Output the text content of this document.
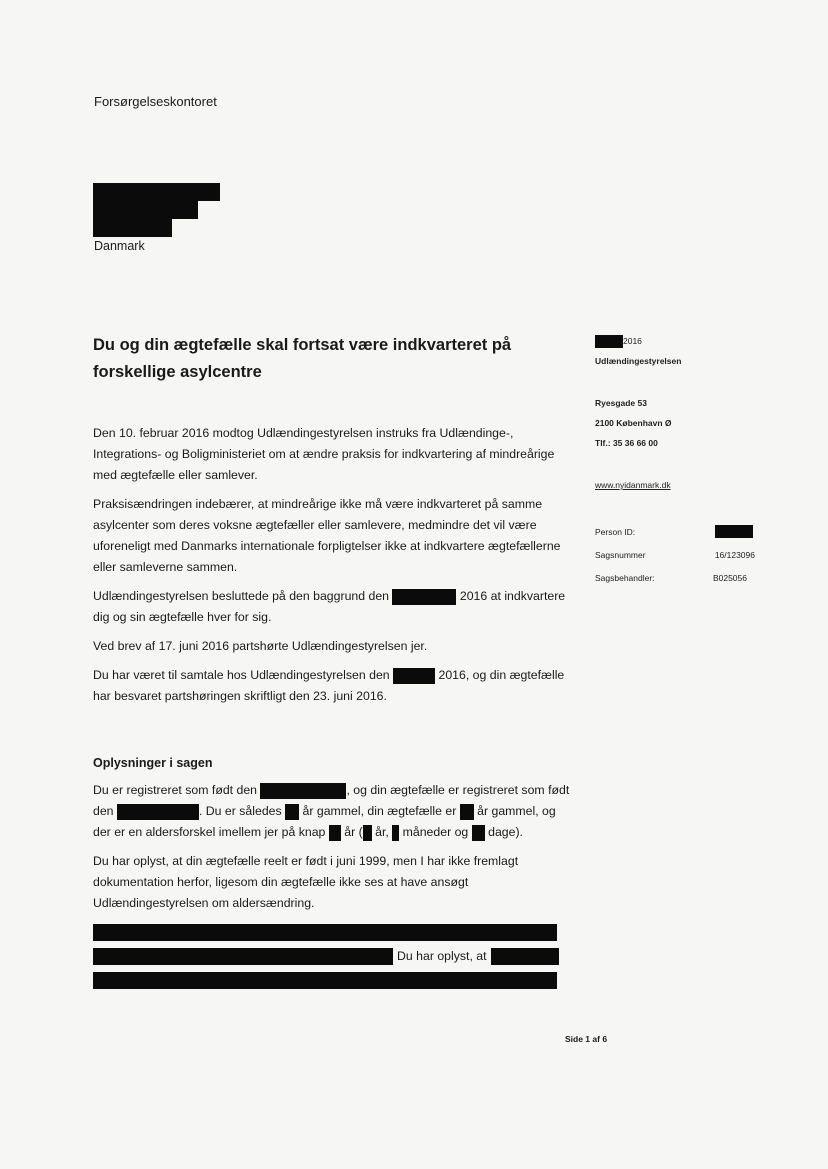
Forsørgelseskontoret
Danmark
Du og din ægtefælle skal fortsat være indkvarteret på forskellige asylcentre
2016
Udlændingestyrelsen
Ryesgade 53
2100 København Ø
Tlf.: 35 36 66 00
www.nyidanmark.dk
Person ID:
Sagsnummer	16/123096
Sagsbehandler:	B025056

Den 10. februar 2016 modtog Udlændingestyrelsen instruks fra Udlændinge-, Integrations- og Boligministeriet om at ændre praksis for indkvartering af mindreårige med ægtefælle eller samlever.

Praksisændringen indebærer, at mindreårige ikke må være indkvarteret på samme asylcenter som deres voksne ægtefæller eller samlevere, medmindre det vil være uforeneligt med Danmarks internationale forpligtelser ikke at indkvartere ægtefællerne eller samleverne sammen.

Udlændingestyrelsen besluttede på den baggrund den	2016 at indkvartere dig og sin ægtefælle hver for sig.

Ved brev af 17. juni 2016 partshørte Udlændingestyrelsen jer.

Du har været til samtale hos Udlændingestyrelsen den	2016, og din ægtefælle har besvaret partshøringen skriftligt den 23. juni 2016.

Oplysninger i sagen

Du er registreret som født den	, og din ægtefælle er registreret som født den	. Du er således år gammel, din ægtefælle er år gammel, og der er en aldersforskel imellem jer på knap år ( år, måneder og dage).

Du har oplyst, at din ægtefælle reelt er født i juni 1999, men I har ikke fremlagt dokumentation herfor, ligesom din ægtefælle ikke ses at have ansøgt Udlændingestyrelsen om aldersændring.

Du har oplyst, at
Side 1 af 6
